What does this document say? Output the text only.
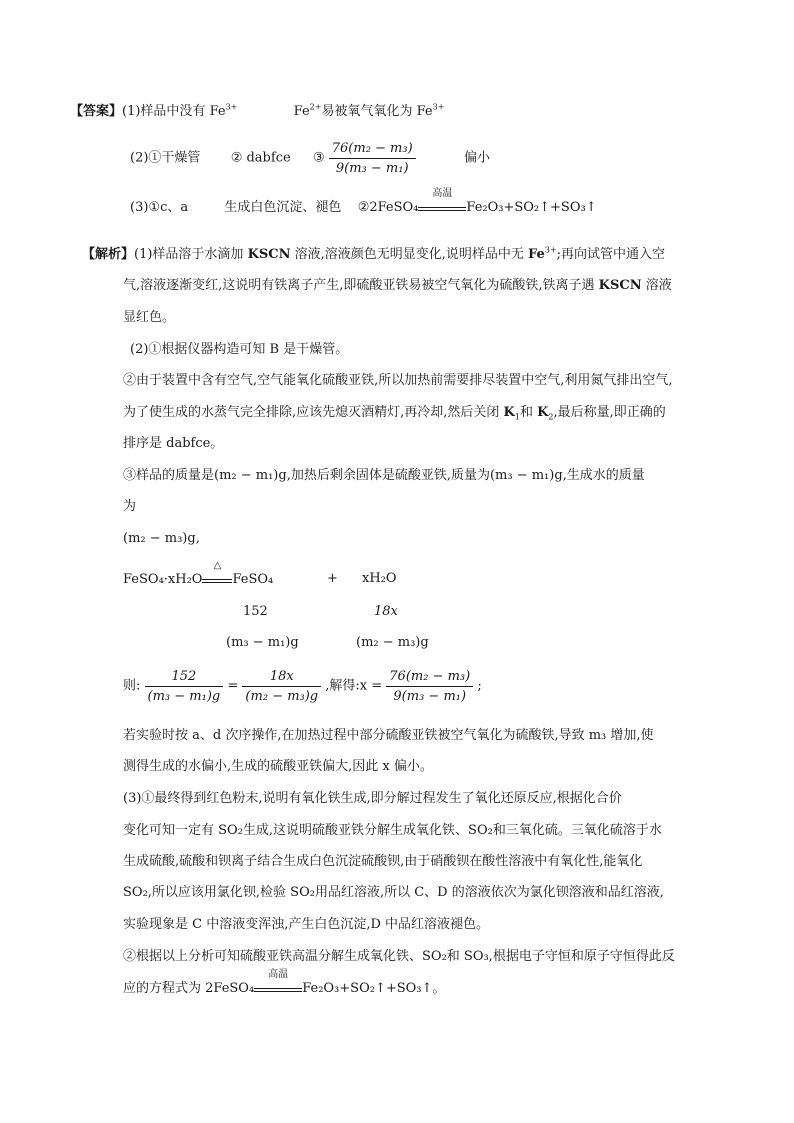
【答案】(1)样品中没有 $Fe^{3+}$	$Fe^{2+}$易被氧气氧化为 $Fe^{3+}$
(2)①干燥管 ② dabfce ③ $\frac{\text{76(m₂ − m₃)}}{\text{9(m₃ − m₁)}}$	偏小
(3)①c、a	生成白色沉淀、褪色 ②2FeSO₄
高温
Fe₂O₃+SO₂↑+SO₃↑
【解析】(1)样品溶于水滴加 KSCN 溶液,溶液颜色无明显变化,说明样品中无 $Fe^{3+}$;再向试管中通入空
气,溶液逐渐变红,这说明有铁离子产生,即硫酸亚铁易被空气氧化为硫酸铁,铁离子遇 KSCN 溶液
显红色。
(2)①根据仪器构造可知 B 是干燥管。
②由于装置中含有空气,空气能氧化硫酸亚铁,所以加热前需要排尽装置中空气,利用氮气排出空气,
为了使生成的水蒸气完全排除,应该先熄灭酒精灯,再冷却,然后关闭 $K_1$和 $K_2$,最后称量,即正确的
排序是 dabfce。
③样品的质量是(m₂ − m₁)g,加热后剩余固体是硫酸亚铁,质量为(m₃ − m₁)g,生成水的质量
为
(m₂ − m₃)g,
FeSO₄·xH₂O
△
FeSO₄	+ xH₂O
152	18x
(m₃ − m₁)g	(m₂ − m₃)g
则: $\frac{152}{\text{(m₃ − m₁)g}} = \frac{18x}{\text{(m₂ − m₃)g}}$ ,解得:x = $\frac{\text{76(m₂ − m₃)}}{\text{9(m₃ − m₁)}}$ ;
若实验时按 a、d 次序操作,在加热过程中部分硫酸亚铁被空气氧化为硫酸铁,导致 m₃ 增加,使
测得生成的水偏小,生成的硫酸亚铁偏大,因此 x 偏小。
(3)①最终得到红色粉末,说明有氧化铁生成,即分解过程发生了氧化还原反应,根据化合价
变化可知一定有 SO₂生成,这说明硫酸亚铁分解生成氧化铁、SO₂和三氧化硫。三氧化硫溶于水
生成硫酸,硫酸和钡离子结合生成白色沉淀硫酸钡,由于硝酸钡在酸性溶液中有氧化性,能氧化
SO₂,所以应该用氯化钡,检验 SO₂用品红溶液,所以 C、D 的溶液依次为氯化钡溶液和品红溶液,
实验现象是 C 中溶液变浑浊,产生白色沉淀,D 中品红溶液褪色。
②根据以上分析可知硫酸亚铁高温分解生成氧化铁、SO₂和 SO₃,根据电子守恒和原子守恒得此反
应的方程式为 2FeSO₄
高温
Fe₂O₃+SO₂↑+SO₃↑。
